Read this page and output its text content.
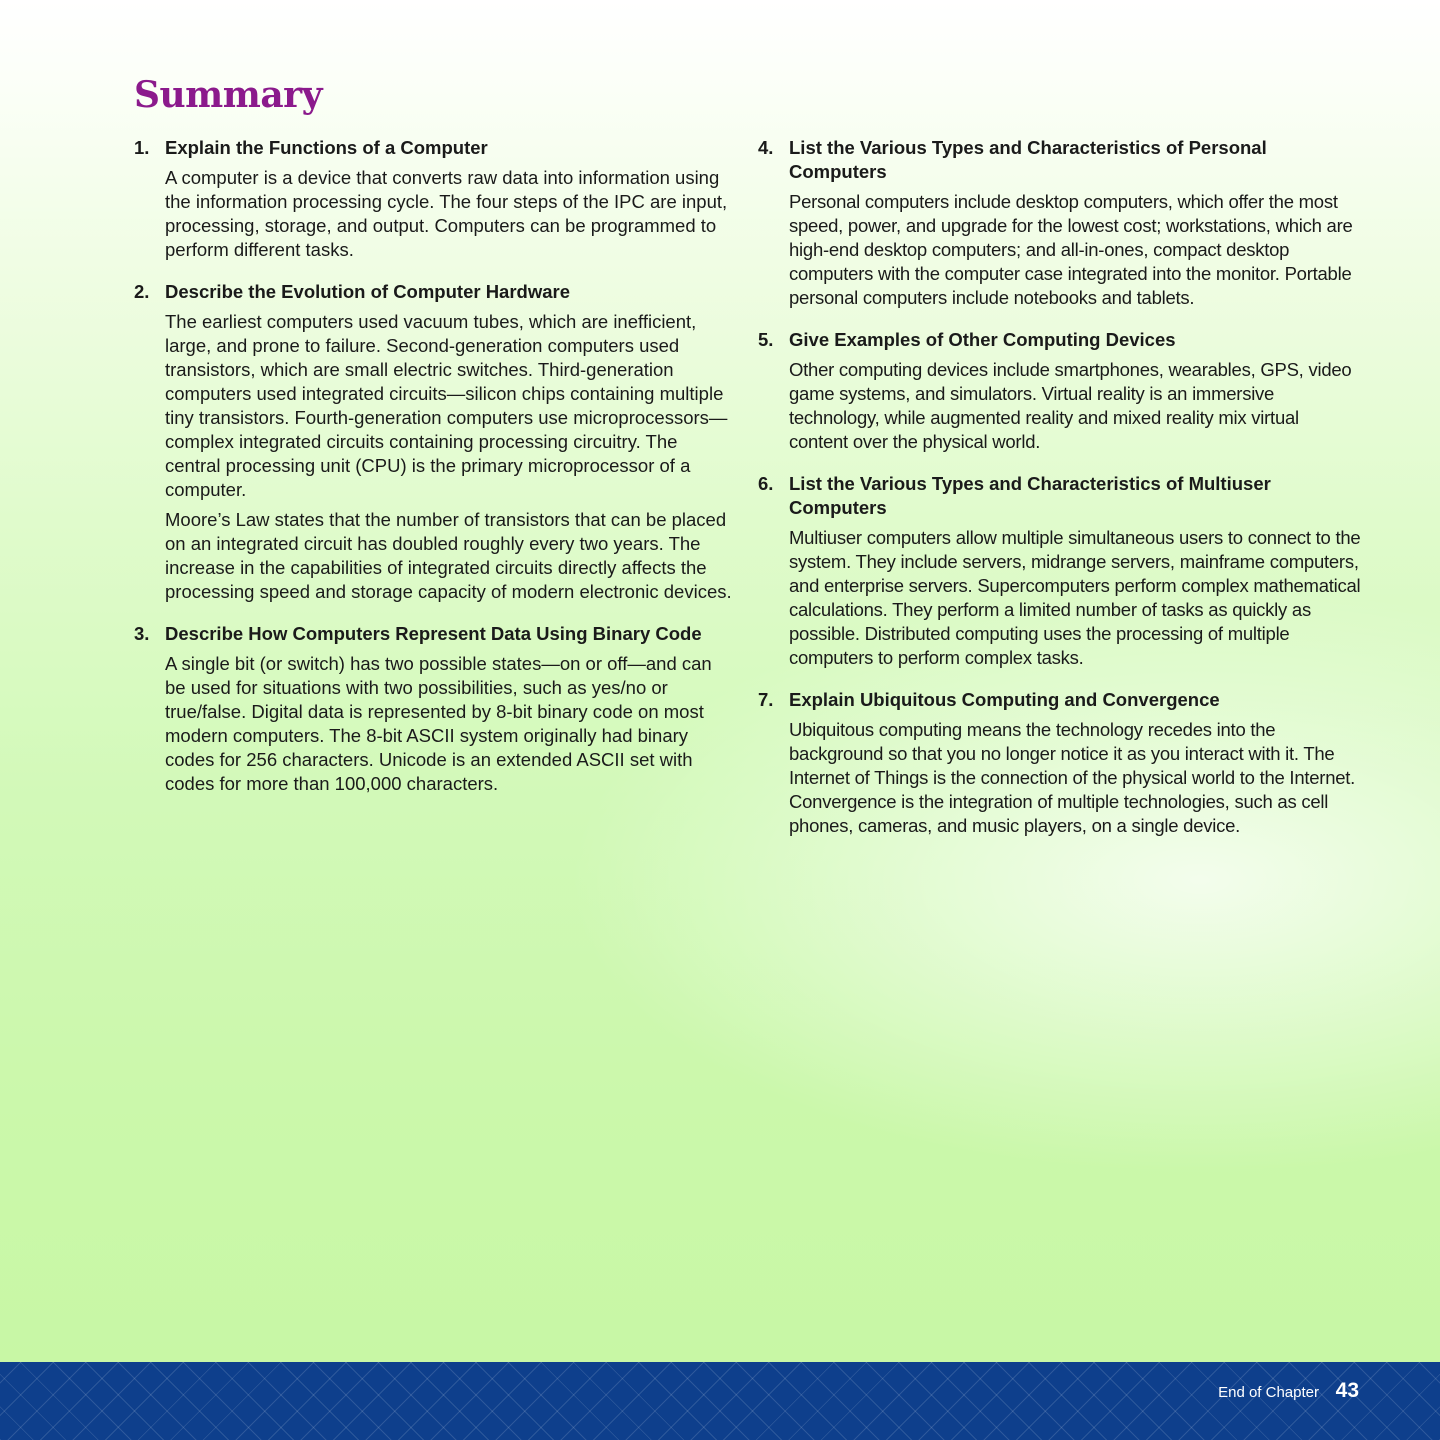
Summary
1. Explain the Functions of a Computer

A computer is a device that converts raw data into information using the information processing cycle. The four steps of the IPC are input, processing, storage, and output. Computers can be programmed to perform different tasks.

2. Describe the Evolution of Computer Hardware

The earliest computers used vacuum tubes, which are inefficient, large, and prone to failure. Second-generation computers used transistors, which are small electric switches. Third-generation computers used integrated circuits—silicon chips containing multiple tiny transistors. Fourth-generation computers use microprocessors—complex integrated circuits containing processing circuitry. The central processing unit (CPU) is the primary microprocessor of a computer.

Moore’s Law states that the number of transistors that can be placed on an integrated circuit has doubled roughly every two years. The increase in the capabilities of integrated circuits directly affects the processing speed and storage capacity of modern electronic devices.

3. Describe How Computers Represent Data Using Binary Code

A single bit (or switch) has two possible states—on or off—and can be used for situations with two possibilities, such as yes/no or true/false. Digital data is represented by 8-bit binary code on most modern computers. The 8-bit ASCII system originally had binary codes for 256 characters. Unicode is an extended ASCII set with codes for more than 100,000 characters.

4. List the Various Types and Characteristics of Personal Computers

Personal computers include desktop computers, which offer the most speed, power, and upgrade for the lowest cost; workstations, which are high-end desktop computers; and all-in-ones, compact desktop computers with the computer case integrated into the monitor. Portable personal computers include notebooks and tablets.

5. Give Examples of Other Computing Devices

Other computing devices include smartphones, wearables, GPS, video game systems, and simulators. Virtual reality is an immersive technology, while augmented reality and mixed reality mix virtual content over the physical world.

6. List the Various Types and Characteristics of Multiuser Computers

Multiuser computers allow multiple simultaneous users to connect to the system. They include servers, midrange servers, mainframe computers, and enterprise servers. Supercomputers perform complex mathematical calculations. They perform a limited number of tasks as quickly as possible. Distributed computing uses the processing of multiple computers to perform complex tasks.

7. Explain Ubiquitous Computing and Convergence

Ubiquitous computing means the technology recedes into the background so that you no longer notice it as you interact with it. The Internet of Things is the connection of the physical world to the Internet. Convergence is the integration of multiple technologies, such as cell phones, cameras, and music players, on a single device.

End of Chapter 43
